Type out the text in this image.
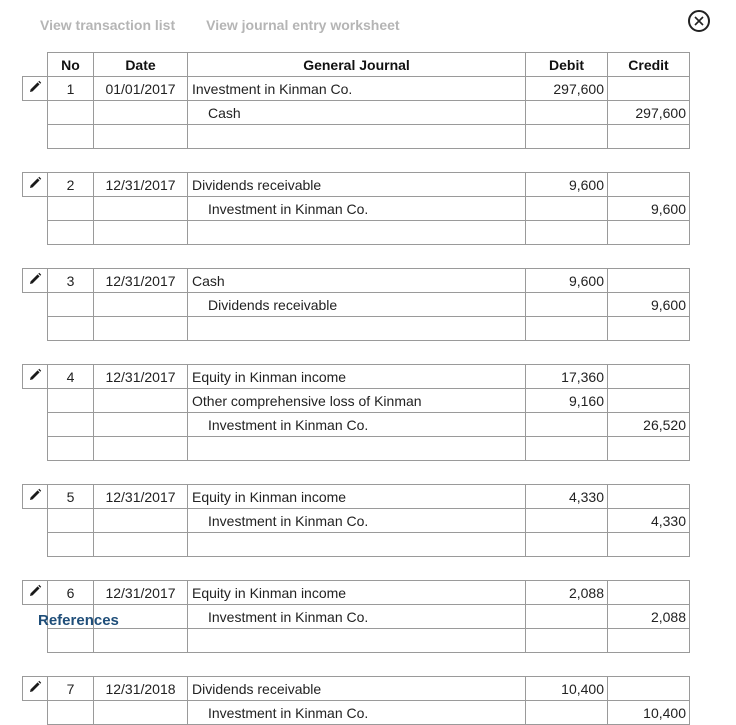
View transaction list View journal entry worksheet
	No	Date	General Journal	Debit	Credit
	1	01/01/2017	Investment in Kinman Co.	297,600	
			Cash		297,600

	2	12/31/2017	Dividends receivable	9,600	
			Investment in Kinman Co.		9,600

	3	12/31/2017	Cash	9,600	
			Dividends receivable		9,600

	4	12/31/2017	Equity in Kinman income	17,360	
			Other comprehensive loss of Kinman	9,160	
			Investment in Kinman Co.		26,520

	5	12/31/2017	Equity in Kinman income	4,330	
			Investment in Kinman Co.		4,330

	6	12/31/2017	Equity in Kinman income	2,088	
			Investment in Kinman Co.		2,088

	7	12/31/2018	Dividends receivable	10,400	
			Investment in Kinman Co.		10,400
References
